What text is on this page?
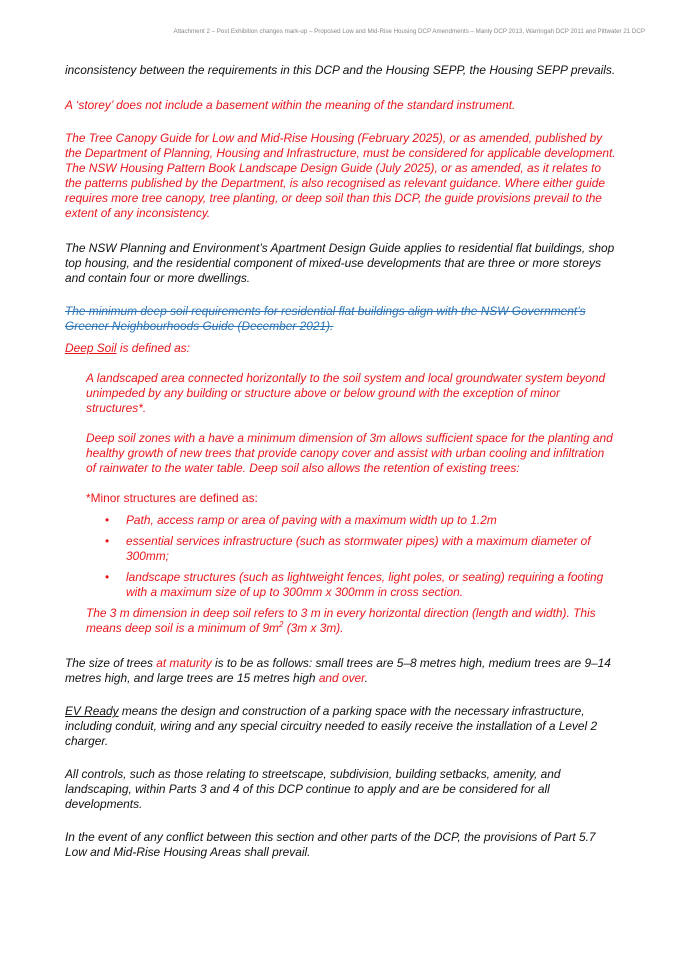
Attachment 2 – Post Exhibition changes mark-up – Proposed Low and Mid-Rise Housing DCP Amendments – Manly DCP 2013, Warringah DCP 2011 and Pittwater 21 DCP

inconsistency between the requirements in this DCP and the Housing SEPP, the Housing SEPP prevails.

A ‘storey’ does not include a basement within the meaning of the standard instrument.

The Tree Canopy Guide for Low and Mid-Rise Housing (February 2025), or as amended, published by the Department of Planning, Housing and Infrastructure, must be considered for applicable development. The NSW Housing Pattern Book Landscape Design Guide (July 2025), or as amended, as it relates to the patterns published by the Department, is also recognised as relevant guidance. Where either guide requires more tree canopy, tree planting, or deep soil than this DCP, the guide provisions prevail to the extent of any inconsistency.

The NSW Planning and Environment’s Apartment Design Guide applies to residential flat buildings, shop top housing, and the residential component of mixed-use developments that are three or more storeys and contain four or more dwellings.

The minimum deep soil requirements for residential flat buildings align with the NSW Government’s Greener Neighbourhoods Guide (December 2021).

Deep Soil is defined as:

A landscaped area connected horizontally to the soil system and local groundwater system beyond unimpeded by any building or structure above or below ground with the exception of minor structures*.

Deep soil zones with a have a minimum dimension of 3m allows sufficient space for the planting and healthy growth of new trees that provide canopy cover and assist with urban cooling and infiltration of rainwater to the water table. Deep soil also allows the retention of existing trees:

*Minor structures are defined as:

• Path, access ramp or area of paving with a maximum width up to 1.2m

• essential services infrastructure (such as stormwater pipes) with a maximum diameter of 300mm;

• landscape structures (such as lightweight fences, light poles, or seating) requiring a footing with a maximum size of up to 300mm x 300mm in cross section.

The 3 m dimension in deep soil refers to 3 m in every horizontal direction (length and width). This means deep soil is a minimum of $9m^2$ (3m x 3m).

The size of trees at maturity is to be as follows: small trees are 5–8 metres high, medium trees are 9–14 metres high, and large trees are 15 metres high and over.

EV Ready means the design and construction of a parking space with the necessary infrastructure, including conduit, wiring and any special circuitry needed to easily receive the installation of a Level 2 charger.

All controls, such as those relating to streetscape, subdivision, building setbacks, amenity, and landscaping, within Parts 3 and 4 of this DCP continue to apply and are be considered for all developments.

In the event of any conflict between this section and other parts of the DCP, the provisions of Part 5.7 Low and Mid-Rise Housing Areas shall prevail.
